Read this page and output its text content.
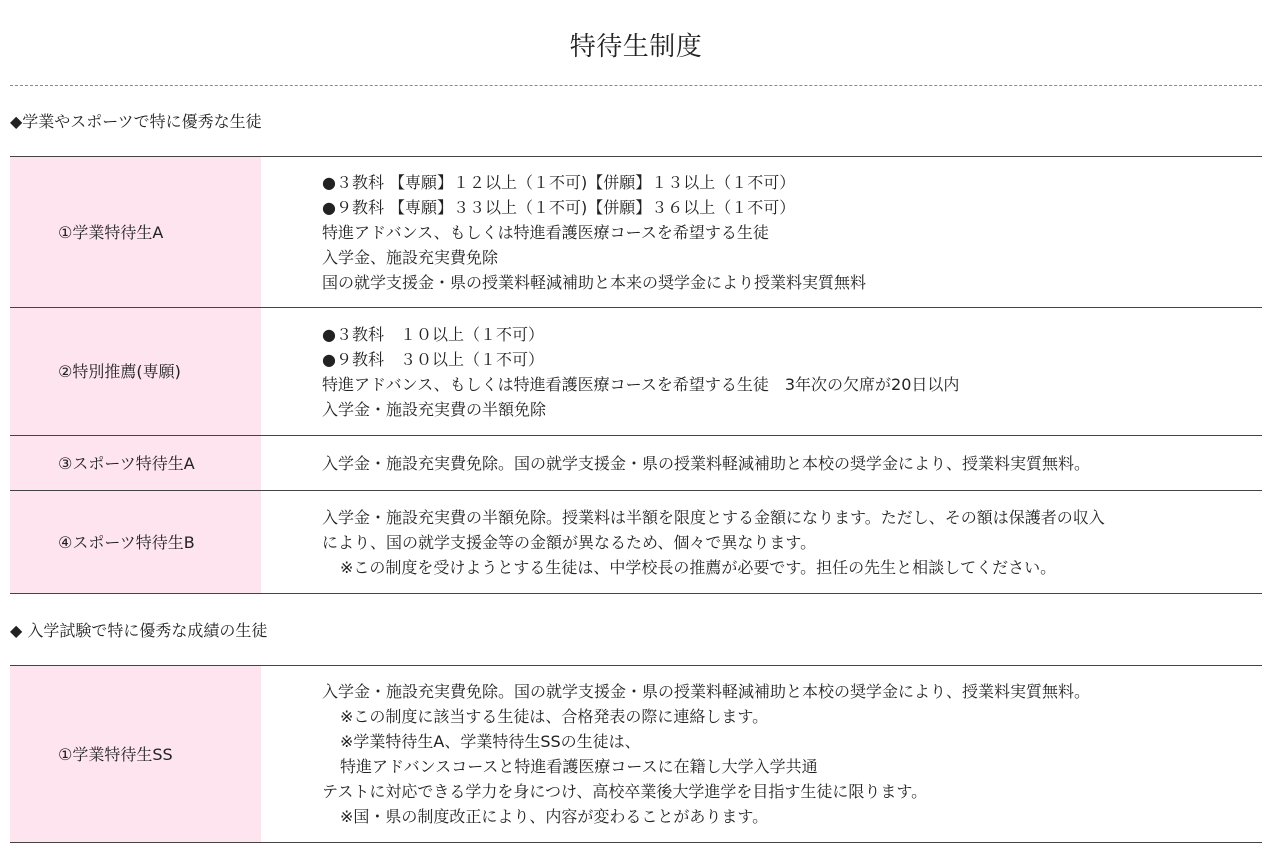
特待生制度
◆学業やスポーツで特に優秀な生徒
①学業特待生A
●３教科 【専願】１２以上（１不可)【併願】１３以上（１不可）
●９教科 【専願】３３以上（１不可)【併願】３６以上（１不可）
特進アドバンス、もしくは特進看護医療コースを希望する生徒
入学金、施設充実費免除
国の就学支援金・県の授業料軽減補助と本来の奨学金により授業料実質無料
②特別推薦(専願)
●３教科　１０以上（１不可）
●９教科　３０以上（１不可）
特進アドバンス、もしくは特進看護医療コースを希望する生徒　3年次の欠席が20日以内
入学金・施設充実費の半額免除
③スポーツ特待生A	入学金・施設充実費免除。国の就学支援金・県の授業料軽減補助と本校の奨学金により、授業料実質無料。
④スポーツ特待生B
入学金・施設充実費の半額免除。授業料は半額を限度とする金額になります。ただし、その額は保護者の収入
により、国の就学支援金等の金額が異なるため、個々で異なります。
※この制度を受けようとする生徒は、中学校長の推薦が必要です。担任の先生と相談してください。
◆ 入学試験で特に優秀な成績の生徒
①学業特待生SS
入学金・施設充実費免除。国の就学支援金・県の授業料軽減補助と本校の奨学金により、授業料実質無料。
※この制度に該当する生徒は、合格発表の際に連絡します。
※学業特待生A、学業特待生SSの生徒は、
特進アドバンスコースと特進看護医療コースに在籍し大学入学共通
テストに対応できる学力を身につけ、高校卒業後大学進学を目指す生徒に限ります。
※国・県の制度改正により、内容が変わることがあります。
